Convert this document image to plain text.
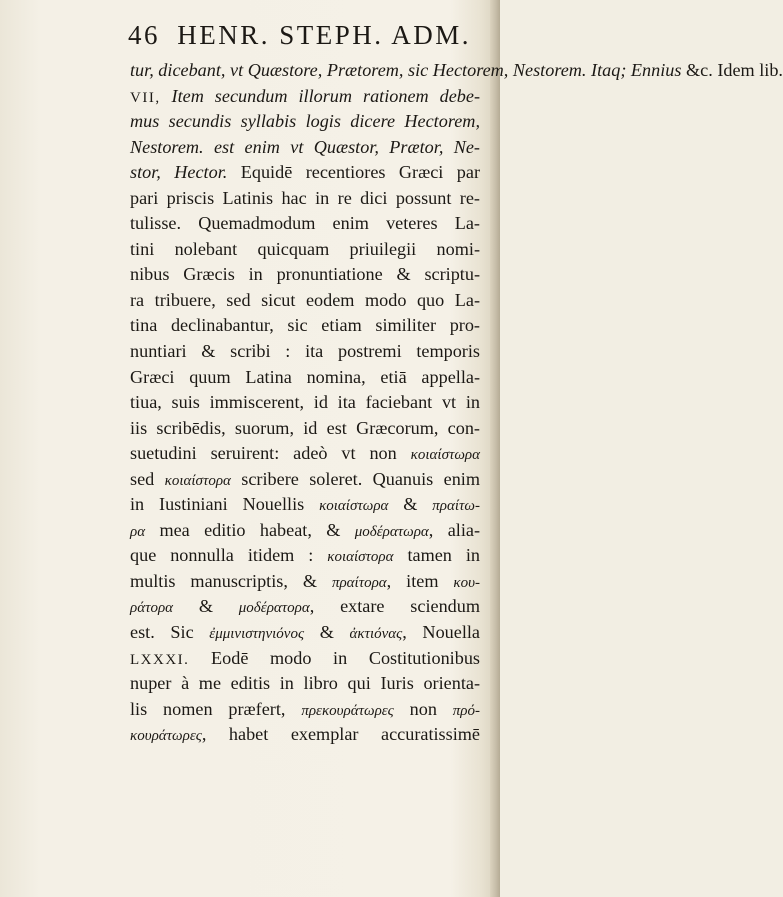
46 HENR. STEPH. ADM.
tur, dicebant, vt Quæstore, Prætorem, sic Hectorem, Nestorem. Itaq; Ennius &c. Idem lib.
VII, Item secundum illorum rationem debe-
mus secundis syllabis logis dicere Hectorem,
Nestorem. est enim vt Quæstor, Prætor, Ne-
stor, Hector. Equidē recentiores Græci par
pari priscis Latinis hac in re dici possunt re-
tulisse. Quemadmodum enim veteres La-
tini nolebant quicquam priuilegii nomi-
nibus Græcis in pronuntiatione & scriptu-
ra tribuere, sed sicut eodem modo quo La-
tina declinabantur, sic etiam similiter pro-
nuntiari & scribi : ita postremi temporis
Græci quum Latina nomina, etiā appella-
tiua, suis immiscerent, id ita faciebant vt in
iis scribēdis, suorum, id est Græcorum, con-
suetudini seruirent: adeò vt non κοιαίστωρα
sed κοιαίστορα scribere soleret. Quanuis enim
in Iustiniani Nouellis κοιαίστωρα & πραίτω-
ρα mea editio habeat, & μοδέρατωρα, alia-
que nonnulla itidem : κοιαίστορα tamen in
multis manuscriptis, & πραίτορα, item κου-
ράτορα & μοδέρατορα, extare sciendum
est. Sic ἐμμινιστηνιόνος & ἀκτιόνας, Nouella
LXXXI. Eodē modo in Costitutionibus
nuper à me editis in libro qui Iuris orienta-
lis nomen præfert, πρεκουράτωρες non πρό-
κουράτωρες, habet exemplar accuratissimē
